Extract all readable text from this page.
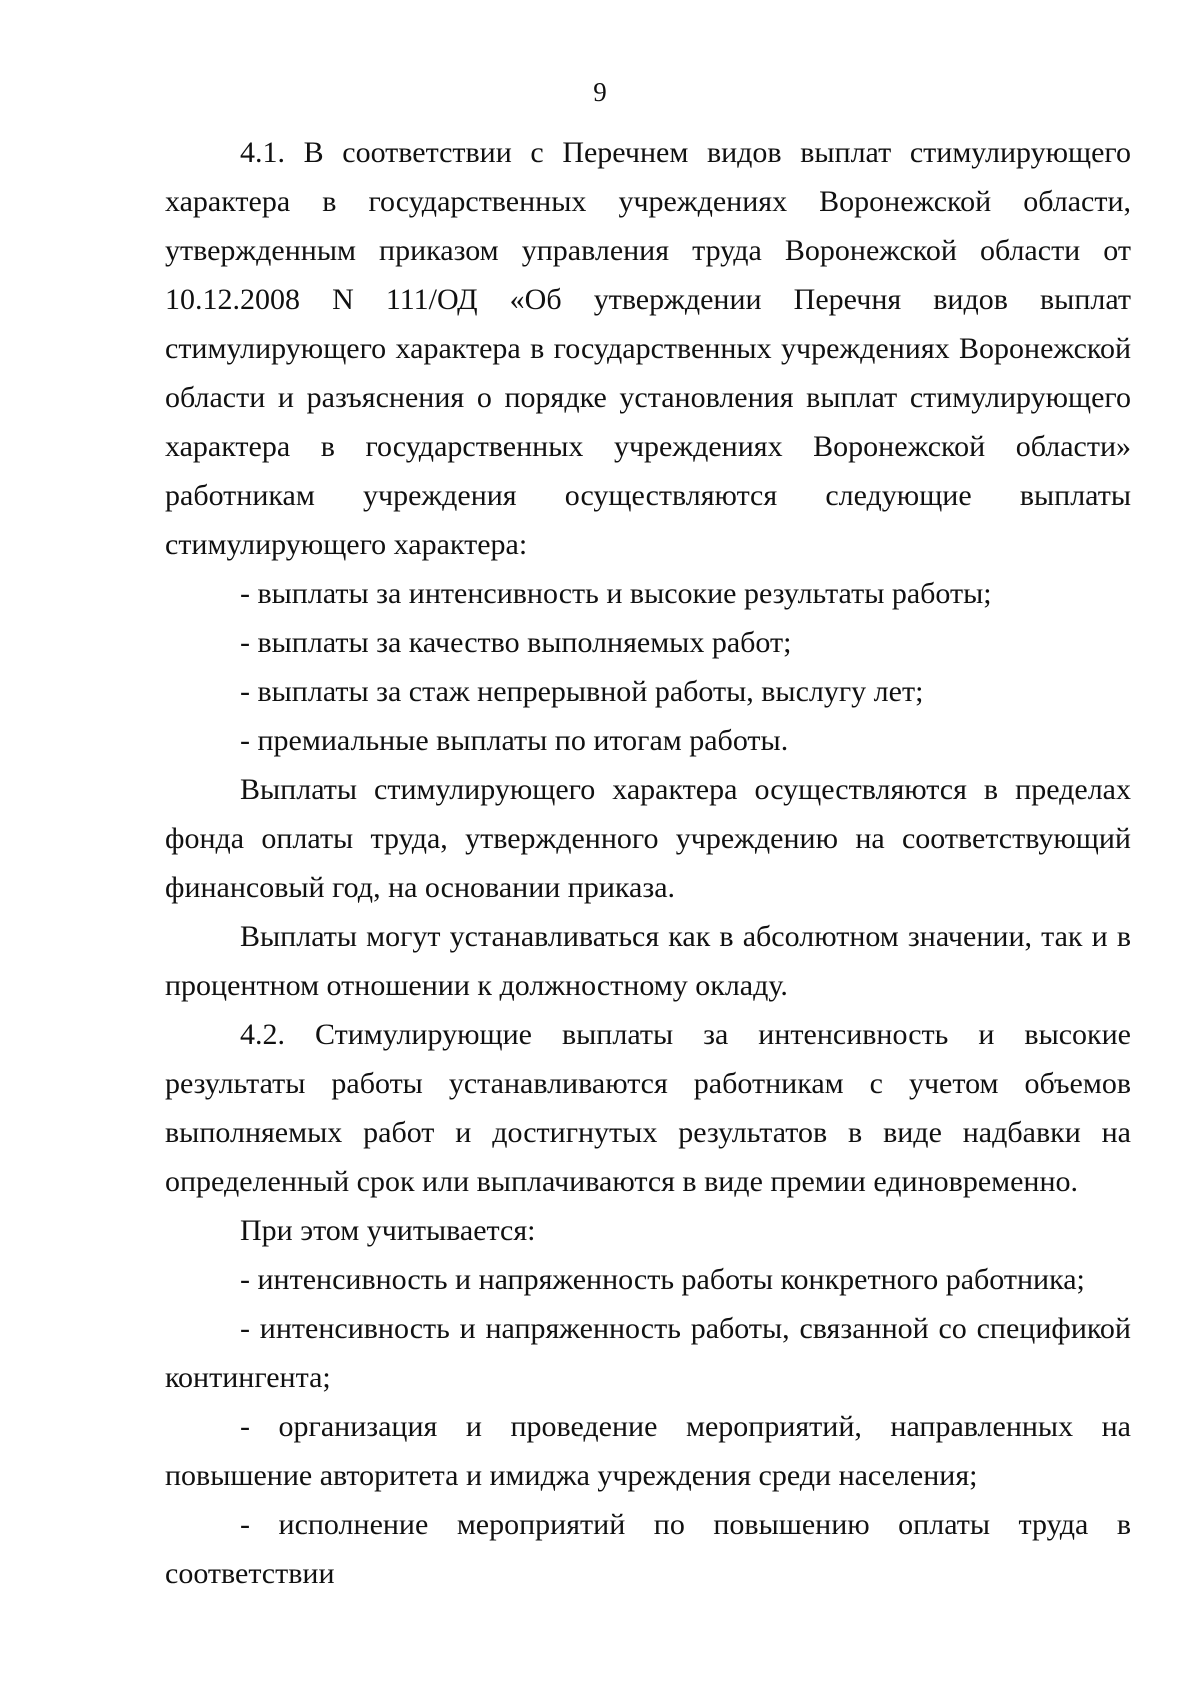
9

4.1. В соответствии с Перечнем видов выплат стимулирующего характера в государственных учреждениях Воронежской области, утвержденным приказом управления труда Воронежской области от 10.12.2008 N 111/ОД «Об утверждении Перечня видов выплат стимулирующего характера в государственных учреждениях Воронежской области и разъяснения о порядке установления выплат стимулирующего характера в государственных учреждениях Воронежской области» работникам учреждения осуществляются следующие выплаты стимулирующего характера:

- выплаты за интенсивность и высокие результаты работы;

- выплаты за качество выполняемых работ;

- выплаты за стаж непрерывной работы, выслугу лет;

- премиальные выплаты по итогам работы.

Выплаты стимулирующего характера осуществляются в пределах фонда оплаты труда, утвержденного учреждению на соответствующий финансовый год, на основании приказа.

Выплаты могут устанавливаться как в абсолютном значении, так и в процентном отношении к должностному окладу.

4.2. Стимулирующие выплаты за интенсивность и высокие результаты работы устанавливаются работникам с учетом объемов выполняемых работ и достигнутых результатов в виде надбавки на определенный срок или выплачиваются в виде премии единовременно.

При этом учитывается:

- интенсивность и напряженность работы конкретного работника;

- интенсивность и напряженность работы, связанной со спецификой контингента;

- организация и проведение мероприятий, направленных на повышение авторитета и имиджа учреждения среди населения;

- исполнение мероприятий по повышению оплаты труда в соответствии
